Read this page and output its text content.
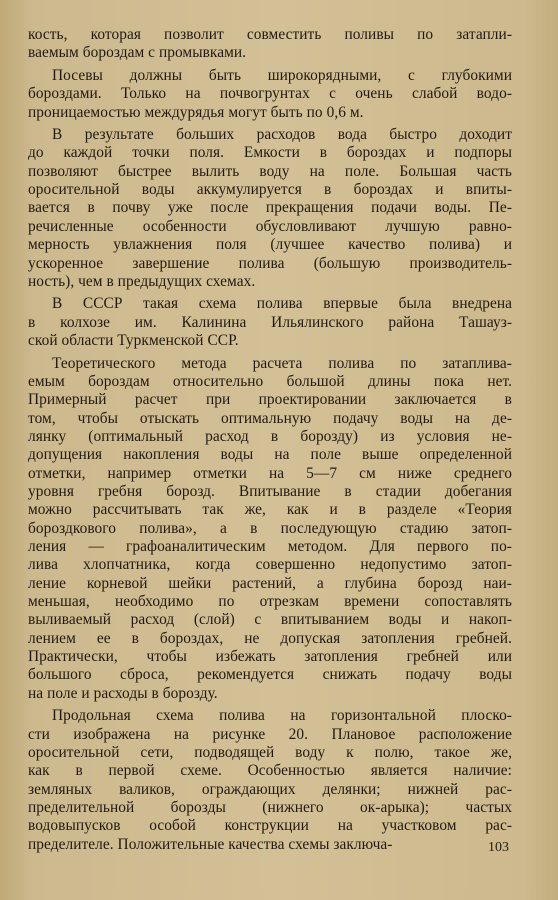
кость, которая позволит совместить поливы по затапли-
ваемым бороздам с промывками.
Посевы должны быть широкорядными, с глубокими
бороздами. Только на почвогрунтах с очень слабой водо-
проницаемостью междурядья могут быть по 0,6 м.
В результате больших расходов вода быстро доходит
до каждой точки поля. Емкости в бороздах и подпоры
позволяют быстрее вылить воду на поле. Большая часть
оросительной воды аккумулируется в бороздах и впиты-
вается в почву уже после прекращения подачи воды. Пе-
речисленные особенности обусловливают лучшую равно-
мерность увлажнения поля (лучшее качество полива) и
ускоренное завершение полива (большую производитель-
ность), чем в предыдущих схемах.
В СССР такая схема полива впервые была внедрена
в колхозе им. Калинина Ильялинского района Ташауз-
ской области Туркменской ССР.
Теоретического метода расчета полива по затаплива-
емым бороздам относительно большой длины пока нет.
Примерный расчет при проектировании заключается в
том, чтобы отыскать оптимальную подачу воды на де-
лянку (оптимальный расход в борозду) из условия не-
допущения накопления воды на поле выше определенной
отметки, например отметки на 5—7 см ниже среднего
уровня гребня борозд. Впитывание в стадии добегания
можно рассчитывать так же, как и в разделе «Теория
бороздкового полива», а в последующую стадию затоп-
ления — графоаналитическим методом. Для первого по-
лива хлопчатника, когда совершенно недопустимо затоп-
ление корневой шейки растений, а глубина борозд наи-
меньшая, необходимо по отрезкам времени сопоставлять
выливаемый расход (слой) с впитыванием воды и накоп-
лением ее в бороздах, не допуская затопления гребней.
Практически, чтобы избежать затопления гребней или
большого сброса, рекомендуется снижать подачу воды
на поле и расходы в борозду.
Продольная схема полива на горизонтальной плоско-
сти изображена на рисунке 20. Плановое расположение
оросительной сети, подводящей воду к полю, такое же,
как в первой схеме. Особенностью является наличие:
земляных валиков, ограждающих делянки; нижней рас-
пределительной борозды (нижнего ок-арыка); частых
водовыпусков особой конструкции на участковом рас-
пределителе. Положительные качества схемы заключа-	103
